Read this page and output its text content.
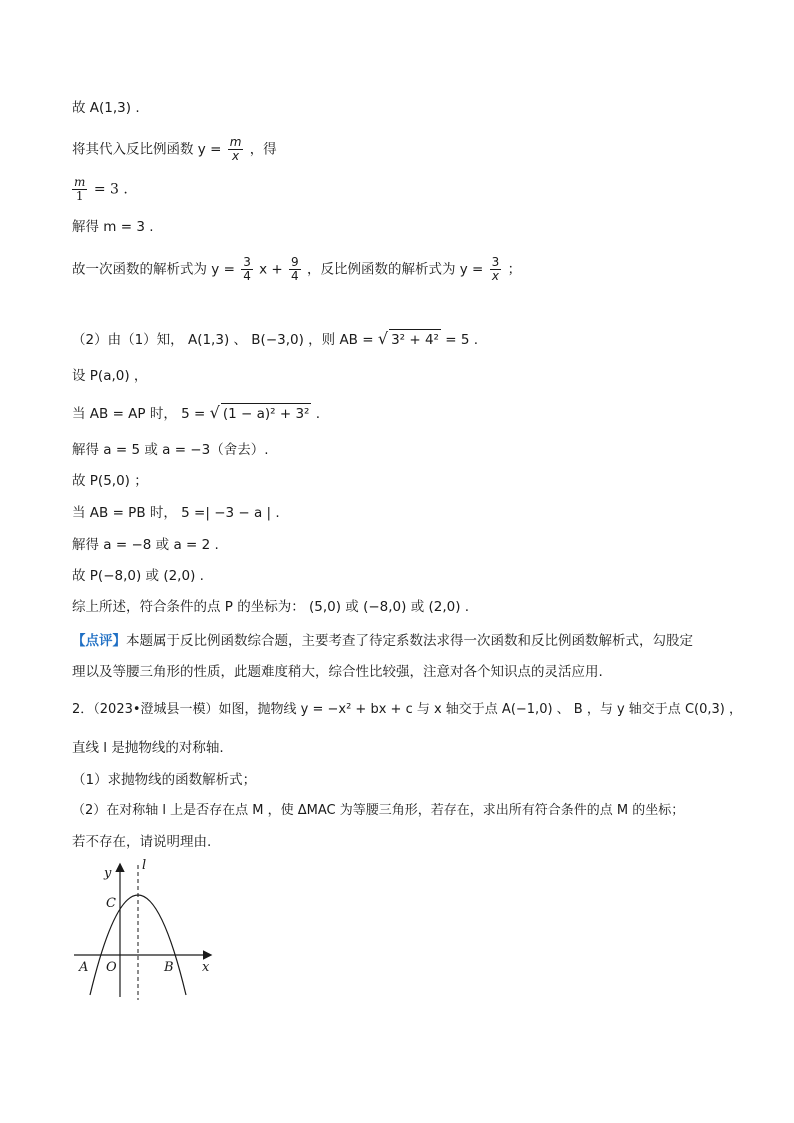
故 A(1,3) .
将其代入反比例函数 $y = \frac{m}{x}$ ，得
$\frac{m}{1} = 3$ .
解得 m = 3 .
故一次函数的解析式为 $y = \frac{3}{4}$ $x + \frac{9}{4}$ ，反比例函数的解析式为 $y = \frac{3}{x}$ ；
（2）由（1）知， A(1,3) 、 B(−3,0) ，则 AB = √ 3² + 4² = 5 .
设 P(a,0) ，
当 AB = AP 时， 5 = √ (1 − a)² + 3² .
解得 a = 5 或 a = −3（舍去）.
故 P(5,0) ；
当 AB = PB 时， 5 =| −3 − a | .
解得 a = −8 或 a = 2 .
故 P(−8,0) 或 (2,0) .
综上所述，符合条件的点 P 的坐标为： (5,0) 或 (−8,0) 或 (2,0) .
【点评】本题属于反比例函数综合题，主要考查了待定系数法求得一次函数和反比例函数解析式，勾股定
理以及等腰三角形的性质，此题难度稍大，综合性比较强，注意对各个知识点的灵活应用.
2．（2023•澄城县一模）如图，抛物线 y = −x² + bx + c 与 x 轴交于点 A(−1,0) 、 B ，与 y 轴交于点 C(0,3) ，
直线 l 是抛物线的对称轴.
（1）求抛物线的函数解析式；
（2）在对称轴 l 上是否存在点 M ，使 ΔMAC 为等腰三角形，若存在，求出所有符合条件的点 M 的坐标；
若不存在，请说明理由.
y
l
C
A O	B x
